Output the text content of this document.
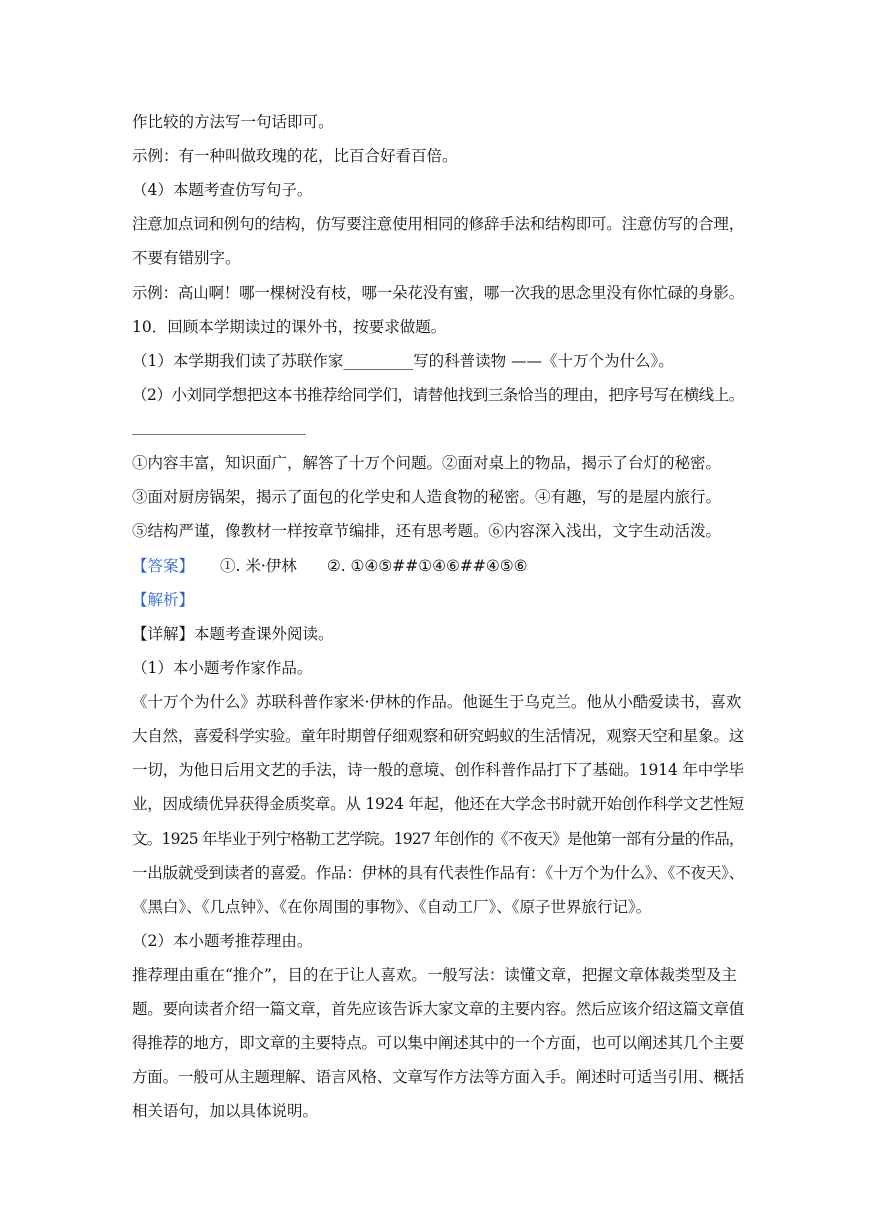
作比较的方法写一句话即可。
示例：有一种叫做玫瑰的花，比百合好看百倍。
（4）本题考查仿写句子。
注意加点词和例句的结构，仿写要注意使用相同的修辞手法和结构即可。注意仿写的合理，
不要有错别字。
示例：高山啊！哪一棵树没有枝，哪一朵花没有蜜，哪一次我的思念里没有你忙碌的身影。
10．回顾本学期读过的课外书，按要求做题。
（1）本学期我们读了苏联作家_________写的科普读物 ——《十万个为什么》。
（2）小刘同学想把这本书推荐给同学们，请替他找到三条恰当的理由，把序号写在横线上。
①内容丰富，知识面广，解答了十万个问题。②面对桌上的物品，揭示了台灯的秘密。
③面对厨房锅架，揭示了面包的化学史和人造食物的秘密。④有趣，写的是屋内旅行。
⑤结构严谨，像教材一样按章节编排，还有思考题。⑥内容深入浅出，文字生动活泼。
【答案】 ①. 米·伊林 ②. ①④⑤##①④⑥##④⑤⑥
【解析】
【详解】本题考查课外阅读。
（1）本小题考作家作品。
《十万个为什么》苏联科普作家米·伊林的作品。他诞生于乌克兰。他从小酷爱读书，喜欢
大自然，喜爱科学实验。童年时期曾仔细观察和研究蚂蚁的生活情况，观察天空和星象。这
一切，为他日后用文艺的手法，诗一般的意境、创作科普作品打下了基础。1914 年中学毕
业，因成绩优异获得金质奖章。从 1924 年起，他还在大学念书时就开始创作科学文艺性短
文。1925 年毕业于列宁格勒工艺学院。1927 年创作的《不夜天》是他第一部有分量的作品，
一出版就受到读者的喜爱。作品：伊林的具有代表性作品有：《十万个为什么》、《不夜天》、
《黑白》、《几点钟》、《在你周围的事物》、《自动工厂》、《原子世界旅行记》。
（2）本小题考推荐理由。
推荐理由重在“推介”，目的在于让人喜欢。一般写法：读懂文章，把握文章体裁类型及主
题。要向读者介绍一篇文章，首先应该告诉大家文章的主要内容。然后应该介绍这篇文章值
得推荐的地方，即文章的主要特点。可以集中阐述其中的一个方面，也可以阐述其几个主要
方面。一般可从主题理解、语言风格、文章写作方法等方面入手。阐述时可适当引用、概括
相关语句，加以具体说明。
